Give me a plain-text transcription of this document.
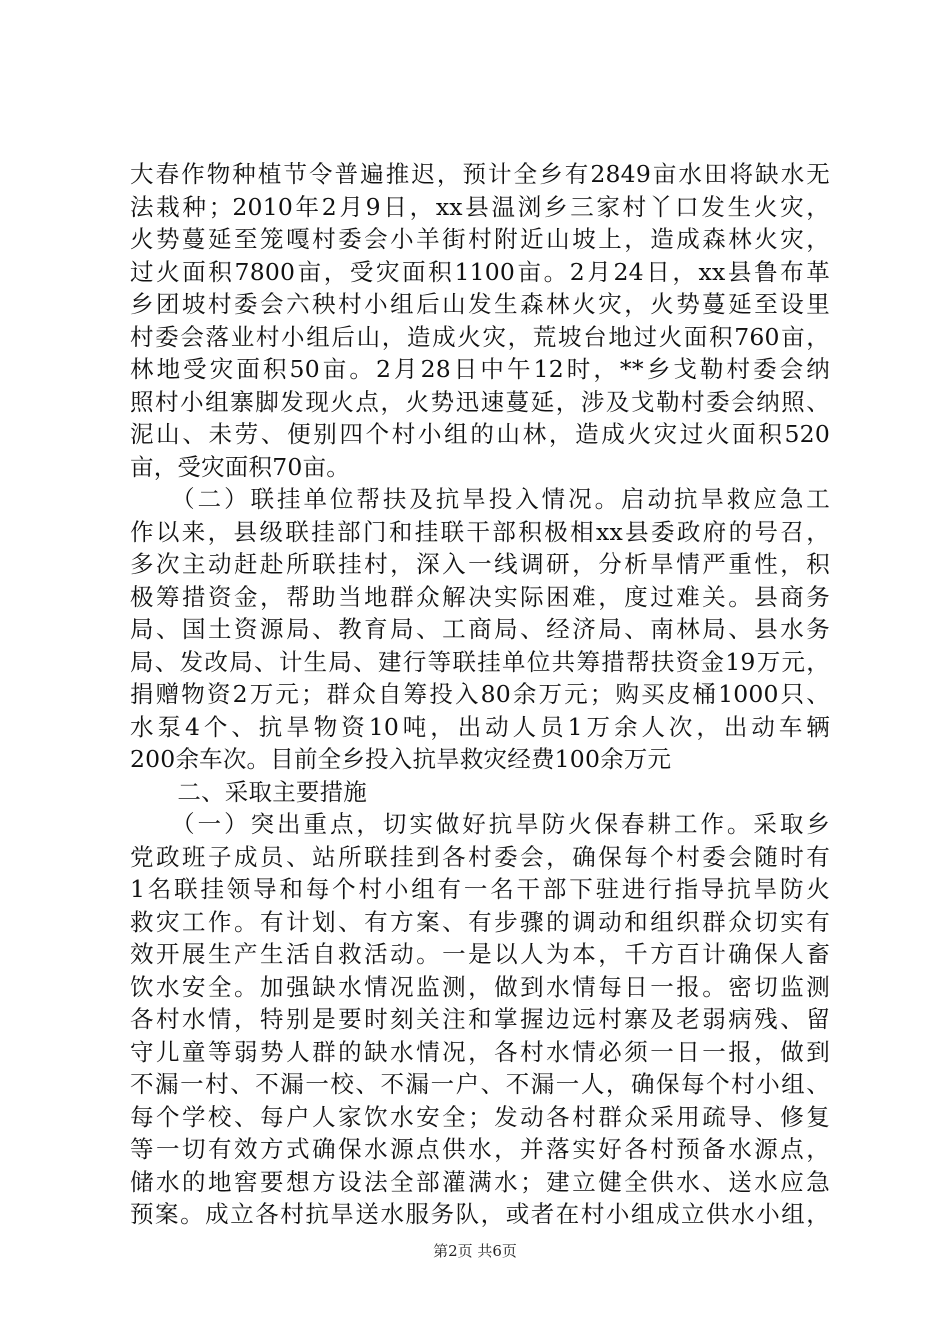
大春作物种植节令普遍推迟，预计全乡有2849亩水田将缺水无
法栽种；2010年2月9日，xx县温浏乡三家村丫口发生火灾，
火势蔓延至笼嘎村委会小羊街村附近山坡上，造成森林火灾，
过火面积7800亩，受灾面积1100亩。2月24日，xx县鲁布革
乡团坡村委会六秧村小组后山发生森林火灾，火势蔓延至设里
村委会落业村小组后山，造成火灾，荒坡台地过火面积760亩，
林地受灾面积50亩。2月28日中午12时，**乡戈勒村委会纳
照村小组寨脚发现火点，火势迅速蔓延，涉及戈勒村委会纳照、
泥山、未劳、便别四个村小组的山林，造成火灾过火面积520
亩，受灾面积70亩。
　　（二）联挂单位帮扶及抗旱投入情况。启动抗旱救应急工
作以来，县级联挂部门和挂联干部积极相xx县委政府的号召，
多次主动赶赴所联挂村，深入一线调研，分析旱情严重性，积
极筹措资金，帮助当地群众解决实际困难，度过难关。县商务
局、国土资源局、教育局、工商局、经济局、南林局、县水务
局、发改局、计生局、建行等联挂单位共筹措帮扶资金19万元，
捐赠物资2万元；群众自筹投入80余万元；购买皮桶1000只、
水泵4个、抗旱物资10吨，出动人员1万余人次，出动车辆
200余车次。目前全乡投入抗旱救灾经费100余万元
　　二、采取主要措施
　　（一）突出重点，切实做好抗旱防火保春耕工作。采取乡
党政班子成员、站所联挂到各村委会，确保每个村委会随时有
1名联挂领导和每个村小组有一名干部下驻进行指导抗旱防火
救灾工作。有计划、有方案、有步骤的调动和组织群众切实有
效开展生产生活自救活动。一是以人为本，千方百计确保人畜
饮水安全。加强缺水情况监测，做到水情每日一报。密切监测
各村水情，特别是要时刻关注和掌握边远村寨及老弱病残、留
守儿童等弱势人群的缺水情况，各村水情必须一日一报，做到
不漏一村、不漏一校、不漏一户、不漏一人，确保每个村小组、
每个学校、每户人家饮水安全；发动各村群众采用疏导、修复
等一切有效方式确保水源点供水，并落实好各村预备水源点，
储水的地窖要想方设法全部灌满水；建立健全供水、送水应急
预案。成立各村抗旱送水服务队，或者在村小组成立供水小组，
第2页 共6页
